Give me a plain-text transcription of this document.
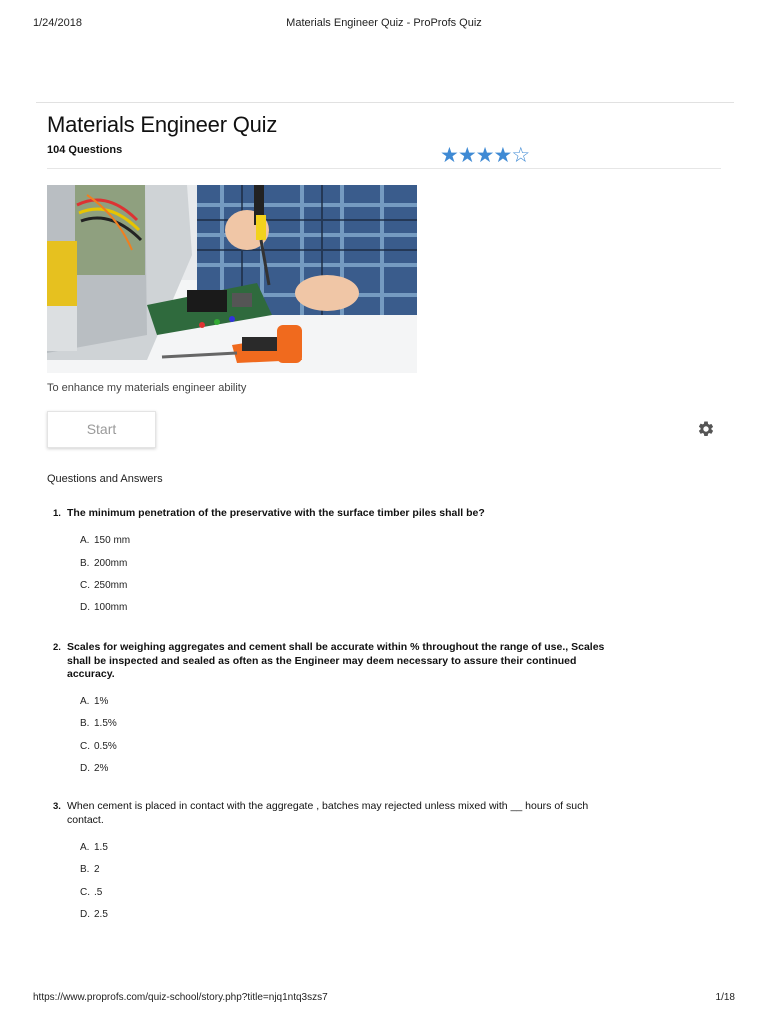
1/24/2018	Materials Engineer Quiz - ProProfs Quiz
Materials Engineer Quiz
104 Questions	★★★★☆
To enhance my materials engineer ability
Start
Questions and Answers
1. The minimum penetration of the preservative with the surface timber piles shall be?
A. 150 mm
B. 200mm
C. 250mm
D. 100mm
2. Scales for weighing aggregates and cement shall be accurate within % throughout the range of use., Scales shall be inspected and sealed as often as the Engineer may deem necessary to assure their continued accuracy.
A. 1%
B. 1.5%
C. 0.5%
D. 2%
3. When cement is placed in contact with the aggregate , batches may rejected unless mixed with __ hours of such contact.
A. 1.5
B. 2
C. .5
D. 2.5
https://www.proprofs.com/quiz-school/story.php?title=njq1ntq3szs7	1/18
